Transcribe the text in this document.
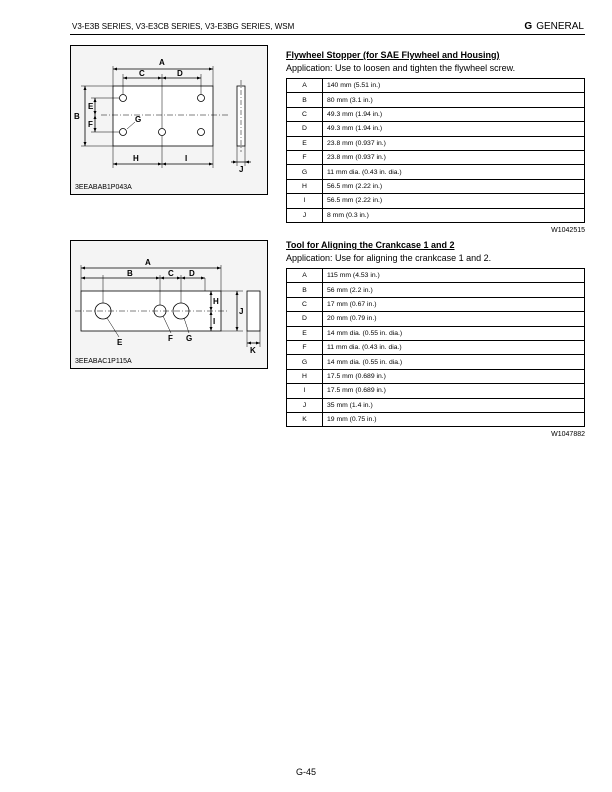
V3-E3B SERIES, V3-E3CB SERIES, V3-E3BG SERIES, WSM	G GENERAL
A
C	D
B
E
F
G
H	I
J
3EEABAB1P043A
Flywheel Stopper (for SAE Flywheel and Housing)
Application: Use to loosen and tighten the flywheel screw.
A	140 mm (5.51 in.)
B	80 mm (3.1 in.)
C	49.3 mm (1.94 in.)
D	49.3 mm (1.94 in.)
E	23.8 mm (0.937 in.)
F	23.8 mm (0.937 in.)
G	11 mm dia. (0.43 in. dia.)
H	56.5 mm (2.22 in.)
I	56.5 mm (2.22 in.)
J	8 mm (0.3 in.)
W1042515
A
B	C D
H
I
J
E	F G
K
3EEABAC1P115A
Tool for Aligning the Crankcase 1 and 2
Application: Use for aligning the crankcase 1 and 2.
A	115 mm (4.53 in.)
B	56 mm (2.2 in.)
C	17 mm (0.67 in.)
D	20 mm (0.79 in.)
E	14 mm dia. (0.55 in. dia.)
F	11 mm dia. (0.43 in. dia.)
G	14 mm dia. (0.55 in. dia.)
H	17.5 mm (0.689 in.)
I	17.5 mm (0.689 in.)
J	35 mm (1.4 in.)
K	19 mm (0.75 in.)
W1047882
G-45
